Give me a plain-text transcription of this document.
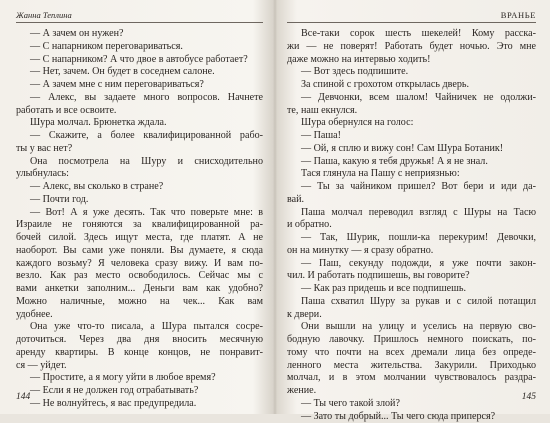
Жанна Теплина
— А зачем он нужен?
— С напарником переговариваться.
— С напарником? А что двое в автобусе работает?
— Нет, зачем. Он будет в соседнем салоне.
— А зачем мне с ним переговариваться?
— Алекс, вы задаете много вопросов. Начнете
работать и все освоите.
Шура молчал. Брюнетка ждала.
— Скажите, а более квалифицированной рабо-
ты у вас нет?
Она посмотрела на Шуру и снисходительно
улыбнулась:
— Алекс, вы сколько в стране?
— Почти год.
— Вот! А я уже десять. Так что поверьте мне: в
Израиле не гоняются за квалифицированной ра-
бочей силой. Здесь ищут места, где платят. А не
наоборот. Вы сами уже поняли. Вы думаете, я сюда
каждого возьму? Я человека сразу вижу. И вам по-
везло. Как раз место освободилось. Сейчас мы с
вами анкетки заполним... Деньги вам как удобно?
Можно наличные, можно на чек... Как вам
удобнее.
Она уже что-то писала, а Шура пытался сосре-
доточиться. Через два дня вносить месячную
аренду квартиры. В конце концов, не понравит-
ся — уйдет.
— Простите, а я могу уйти в любое время?
— Если я не должен год отрабатывать?
— Не волнуйтесь, я вас предупредила.
144
ВРАНЬЕ
Все-таки сорок шесть шекелей! Кому расска-
жи — не поверят! Работать будет ночью. Это мне
даже можно на интервью ходить!
— Вот здесь подпишите.
За спиной с грохотом открылась дверь.
— Девчонки, всем шалом! Чайничек не одолжи-
те, наш екнулся.
Шура обернулся на голос:
— Паша!
— Ой, я сплю и вижу сон! Сам Шура Ботаник!
— Паша, какую я тебя дружья! А я не знал.
Тася глянула на Пашу с неприязнью:
— Ты за чайником пришел? Вот бери и иди да-
вай.
Паша молчал переводил взгляд с Шуры на Тасю
и обратно.
— Так, Шурик, пошли-ка перекурим! Девочки,
он на минутку — я сразу обратно.
— Паш, секунду подожди, я уже почти закон-
чил. И работать подпишешь, вы говорите?
— Как раз придешь и все подпишешь.
Паша схватил Шуру за рукав и с силой потащил
к двери.
Они вышли на улицу и уселись на первую сво-
бодную лавочку. Пришлось немного поискать, по-
тому что почти на всех дремали лица без опреде-
ленного места жительства. Закурили. Приходько
молчал, и в этом молчании чувствовалось раздра-
жение.
— Ты чего такой злой?
— Зато ты добрый... Ты чего сюда приперся?
145
